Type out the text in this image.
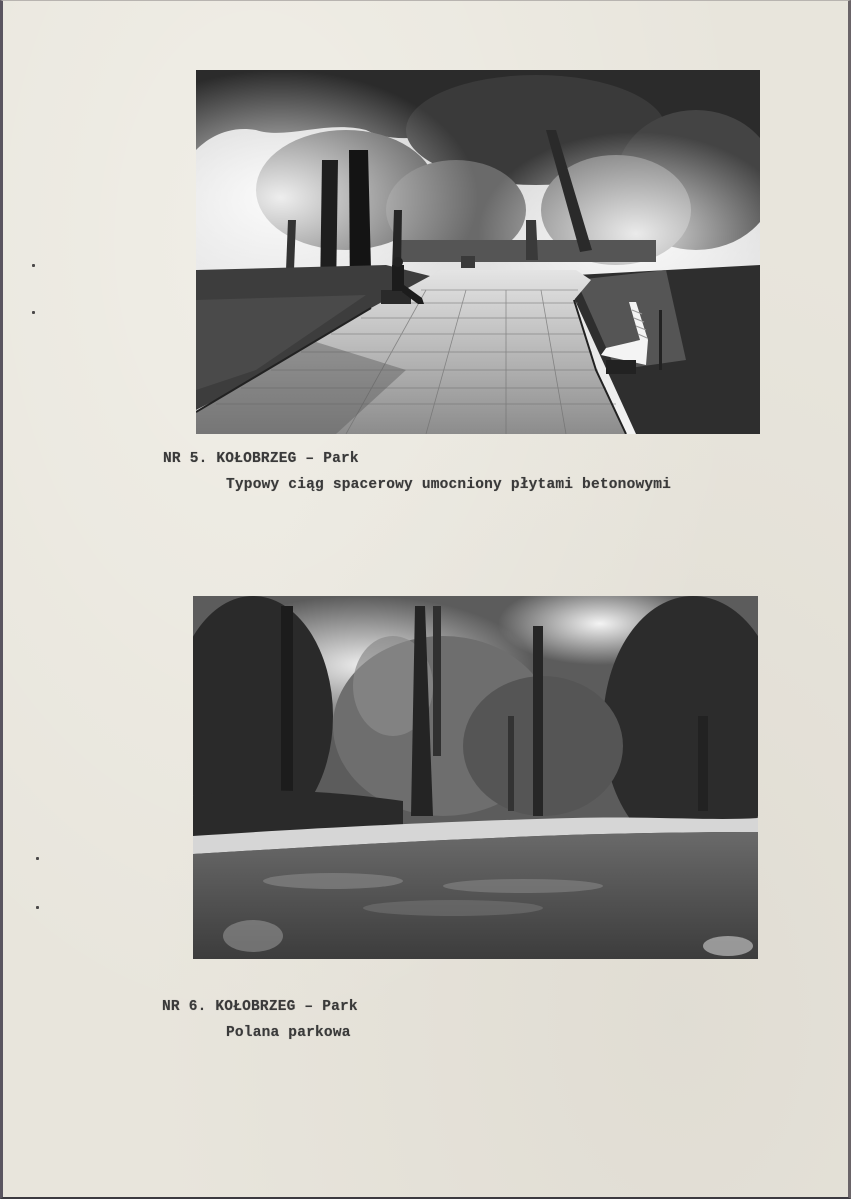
NR 5. KOŁOBRZEG – Park
Typowy ciąg spacerowy umocniony płytami betonowymi
NR 6. KOŁOBRZEG – Park
Polana parkowa
